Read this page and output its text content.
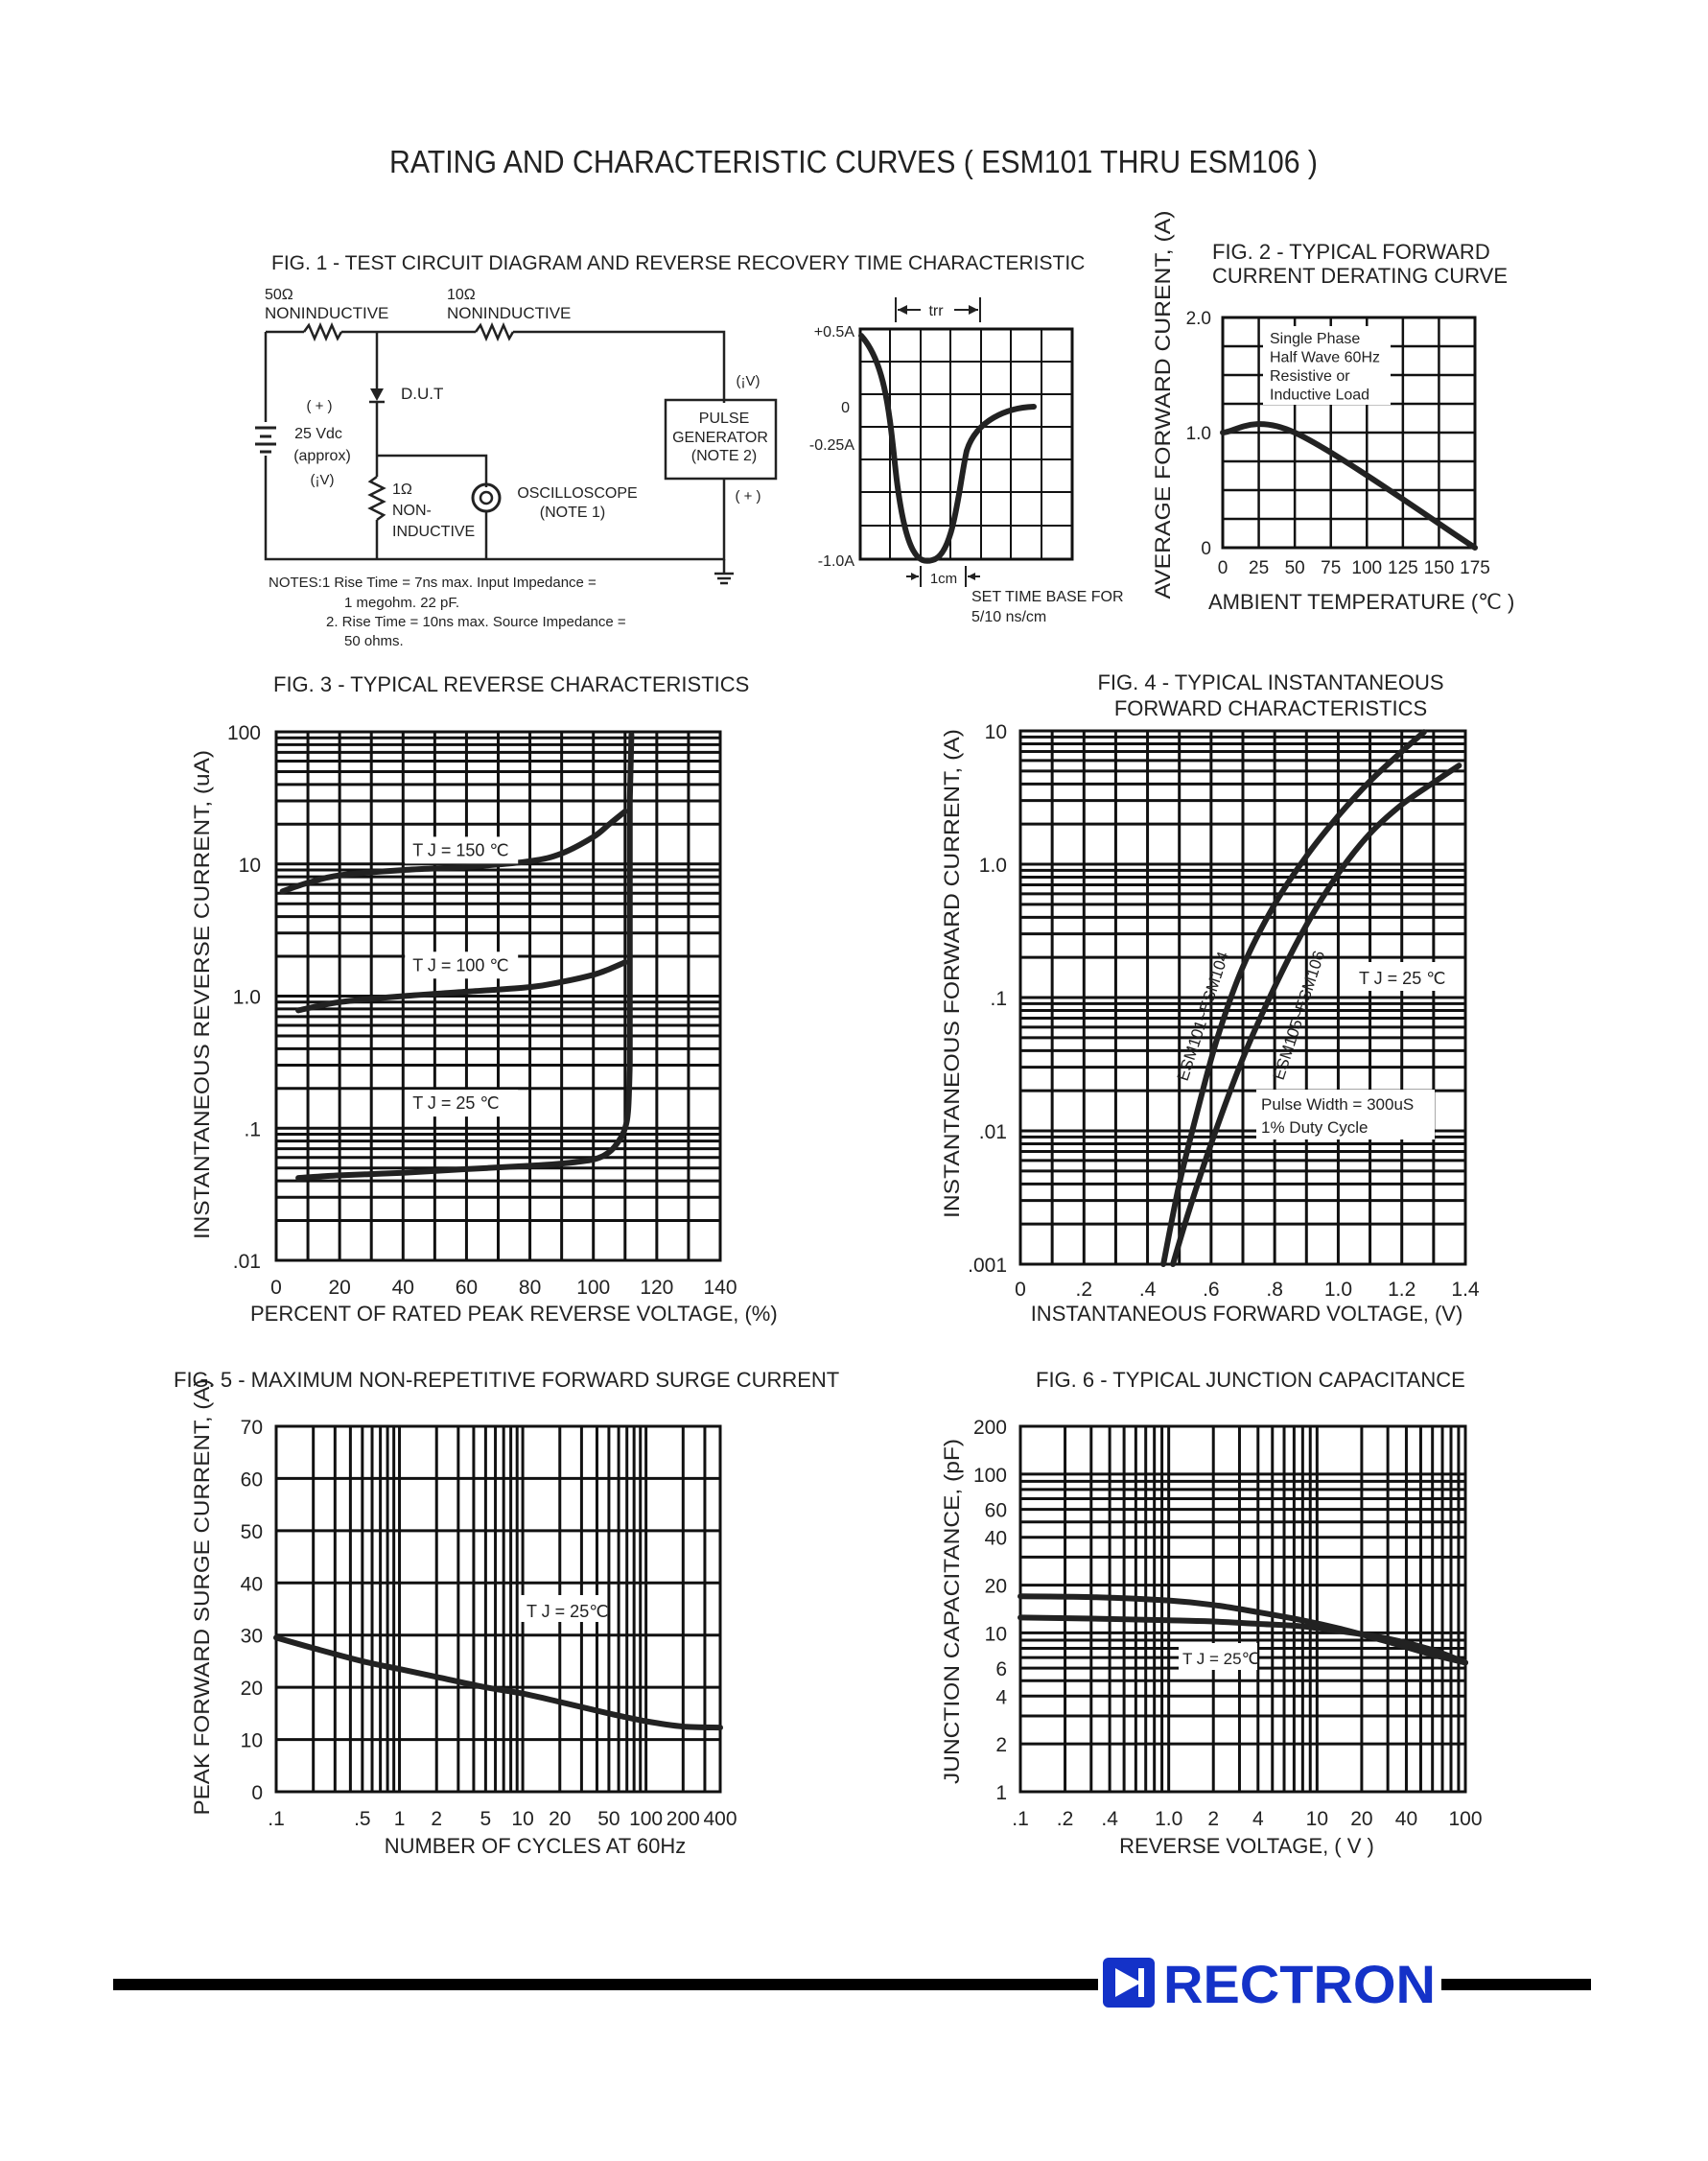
RATING AND CHARACTERISTIC CURVES ( ESM101 THRU ESM106 )
FIG. 1 - TEST CIRCUIT DIAGRAM AND REVERSE RECOVERY TIME CHARACTERISTIC
50Ω
NONINDUCTIVE
10Ω
NONINDUCTIVE
PULSE
GENERATOR
(NOTE 2)
(¡V)
( + )
D.U.T
( + )
25 Vdc
(approx)
(¡V)
1Ω
NON-
INDUCTIVE
OSCILLOSCOPE
(NOTE 1)
NOTES:1 Rise Time = 7ns max. Input Impedance =
1 megohm. 22 pF.
2. Rise Time = 10ns max. Source Impedance =
50 ohms.
+0.5A
0
-0.25A
-1.0A
trr
1cm
SET TIME BASE FOR
5/10 ns/cm
Single Phase
Half Wave 60Hz
Resistive or
Inductive Load
0 25 50 75 100 125 150 175
0
1.0
2.0
FIG. 2 - TYPICAL FORWARD
CURRENT DERATING CURVE
AMBIENT TEMPERATURE (℃ )
AVERAGE FORWARD CURENT, (A)
T J = 150 ℃
T J = 100 ℃
T J = 25 ℃
0 20 40 60 80 100 120 140
.01
.1
1.0
10
100
FIG. 3 - TYPICAL REVERSE CHARACTERISTICS
PERCENT OF RATED PEAK REVERSE VOLTAGE, (%)
INSTANTANEOUS REVERSE CURRENT, (uA)	ESM101~ESM104 ESM105~ESM106 T J = 25 ℃
Pulse Width = 300uS
1% Duty Cycle
0 .2 .4 .6 .8 1.0 1.2 1.4
.001
.01
.1
1.0
10
FIG. 4 - TYPICAL INSTANTANEOUS
FORWARD CHARACTERISTICS
INSTANTANEOUS FORWARD VOLTAGE, (V)
INSTANTANEOUS FORWARD CURRENT, (A)
T J = 25℃
.1	.5 1 2 5 10 20 50 100 200 400
0
10
20
30
40
50
60
70
FIG. 5 - MAXIMUM NON-REPETITIVE FORWARD SURGE CURRENT
NUMBER OF CYCLES AT 60Hz
PEAK FORWARD SURGE CURRENT, (A)	T J = 25℃
.1 .2 .4 1.0 2 4 10 20 40 100
1
2
4
6
10
20
40
60
100
200
FIG. 6 - TYPICAL JUNCTION CAPACITANCE
REVERSE VOLTAGE, ( V )
JUNCTION CAPACITANCE, (pF)
RECTRON
